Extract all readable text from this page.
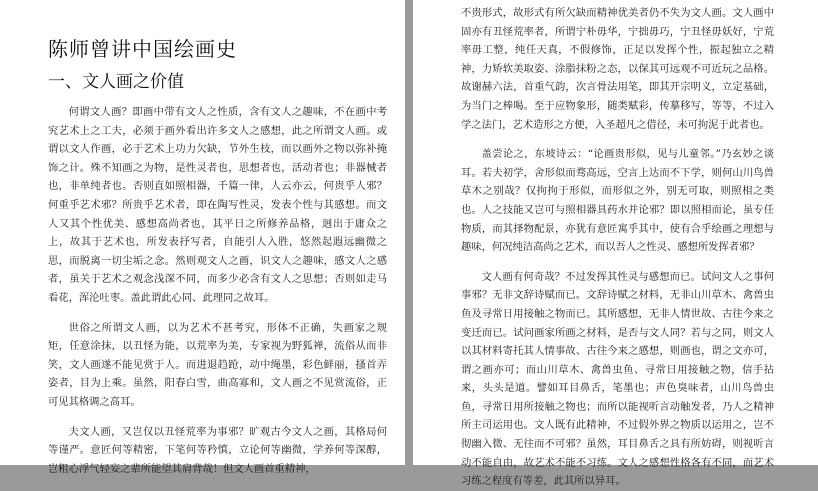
陈师曾讲中国绘画史
一、文人画之价值

何谓文人画？即画中带有文人之性质，含有文人之趣味，不在画中考究艺术上之工夫，必须于画外看出许多文人之感想，此之所谓文人画。或谓以文人作画，必于艺术上功力欠缺，节外生枝，而以画外之物以弥补掩饰之计。殊不知画之为物，是性灵者也，思想者也，活动者也；非器械者也，非单纯者也。否则直如照相器，千篇一律，人云亦云，何贵乎人邪？何重乎艺术邪？所贵乎艺术者，即在陶写性灵，发表个性与其感想。而文人又其个性优美、感想高尚者也，其平日之所修养品格，迥出于庸众之上，故其于艺术也，所发表抒写者，自能引人入胜，悠然起遐远幽微之思，而脱离一切尘垢之念。然则观文人之画，识文人之趣味，感文人之感者，虽关于艺术之观念浅深不同，而多少必含有文人之思想；否则如走马看花，浑沦吐枣。盖此谓此心同、此理同之故耳。

世俗之所谓文人画，以为艺术不甚考究，形体不正确，失画家之规矩，任意涂抹，以丑怪为能，以荒率为美，专家视为野狐禅，流俗从而非笑，文人画遂不能见赏于人。而进退趋跄，动中绳墨，彩色鲜丽，搔首弄姿者，目为上乘。虽然，阳春白雪，曲高寡和，文人画之不见赏流俗，正可见其格调之高耳。

夫文人画，又岂仅以丑怪荒率为事邪？旷观古今文人之画，其格局何等谨严。意匠何等精密，下笔何等矜慎，立论何等幽微，学养何等深醇，岂粗心浮气轻妄之辈所能望其肩背哉！但文人画首重精神，

不贵形式，故形式有所欠缺而精神优美者仍不失为文人画。文人画中固亦有丑怪荒率者，所谓宁朴毋华，宁拙毋巧，宁丑怪毋妖好，宁荒率毋工整，纯任天真，不假修饰，正足以发挥个性，振起独立之精神，力矫软美取姿、涂脂抹粉之态，以保其可远观不可近玩之品格。故谢赫六法，首重气韵，次言骨法用笔，即其开宗明义，立定基础，为当门之棒喝。至于应物象形，随类赋彩，传摹移写，等等，不过入学之法门，艺术造形之方便，入圣超凡之借径，未可拘泥于此者也。

盖尝论之，东坡诗云：“论画贵形似，见与儿童邻。”乃玄妙之谈耳。若夫初学，舍形似而骛高远，空言上达而不下学，则何山川鸟兽草木之别哉？仅拘拘于形似，而形似之外，别无可取，则照相之类也。人之技能又岂可与照相器具药水并论邪？即以照相而论，虽专任物质，而其择物配景，亦犹有意匠寓乎其中，使有合乎绘画之理想与趣味，何况纯洁高尚之艺术，而以吾人之性灵、感想所发挥者邪？

文人画有何奇哉？不过发挥其性灵与感想而已。试问文人之事何事邪？无非文辞诗赋而已。文辞诗赋之材料，无非山川草木、禽兽虫鱼及寻常日用接触之物而已。其所感想，无非人情世故、古往今来之变迁而已。试问画家所画之材料，是否与文人同？若与之同，则文人以其材料寄托其人情事故、古往今来之感想，则画也，谓之文亦可，谓之画亦可；而山川草木、禽兽虫鱼、寻常日用接触之物，信手拈来，头头是道。譬如耳目鼻舌，笔墨也；声色臭味者，山川鸟兽虫鱼，寻常日用所接触之物也；而所以能视听言动触发者，乃人之精神所主司运用也。文人既有此精神，不过假外界之物质以运用之，岂不彻幽入微、无往而不可邪？虽然，耳目鼻舌之具有所妨碍，则视听言动不能自由，故艺术不能不习练。文人之感想性格各有不同，而艺术习练之程度有等差，此其所以异耳。
